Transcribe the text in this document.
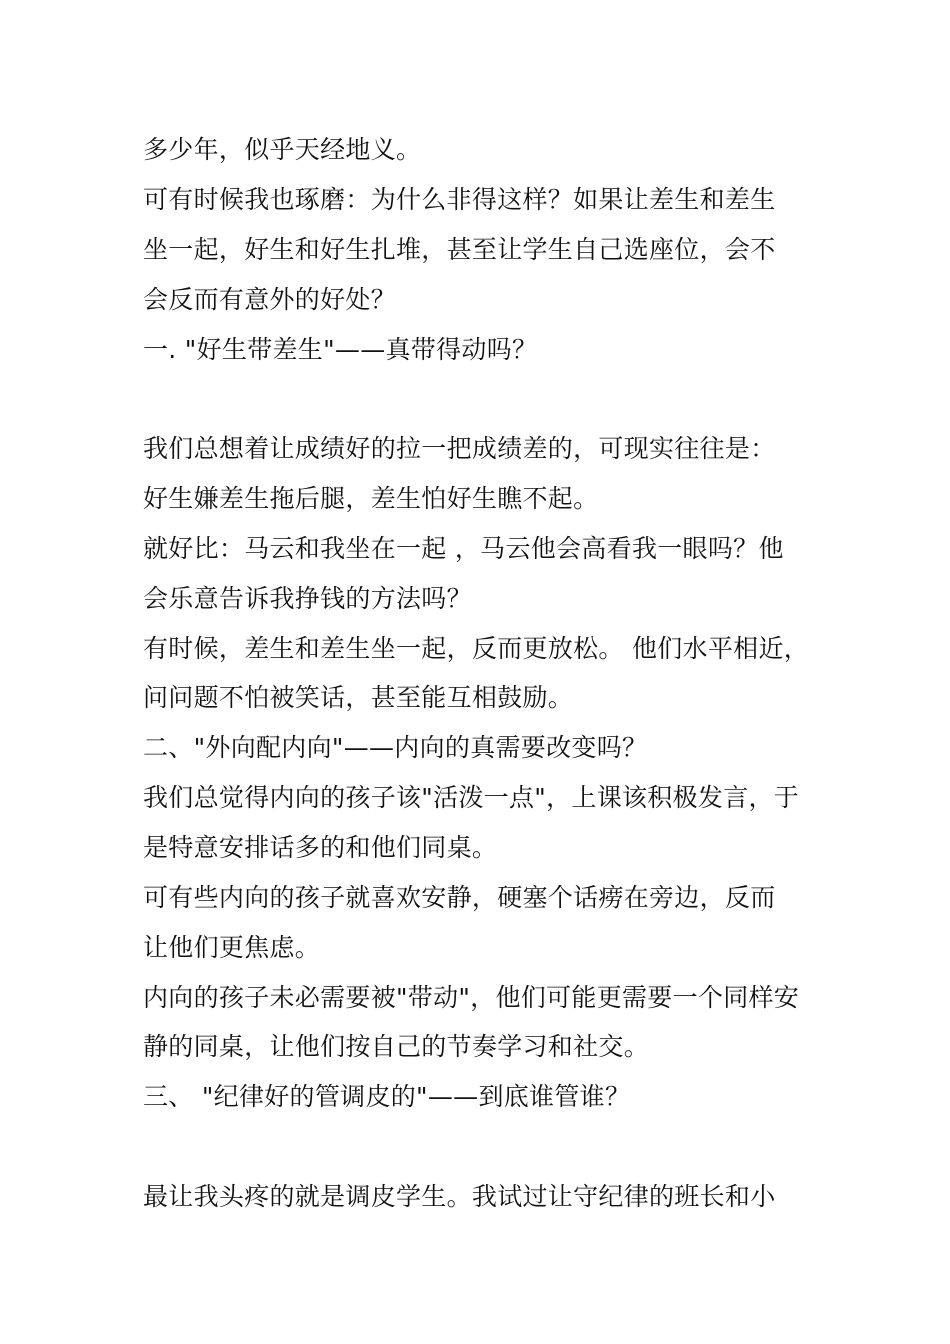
多少年，似乎天经地义。
可有时候我也琢磨：为什么非得这样？如果让差生和差生
坐一起，好生和好生扎堆，甚至让学生自己选座位，会不
会反而有意外的好处？
一. "好生带差生"——真带得动吗？
我们总想着让成绩好的拉一把成绩差的，可现实往往是：
好生嫌差生拖后腿，差生怕好生瞧不起。
就好比：马云和我坐在一起 ，马云他会高看我一眼吗？他
会乐意告诉我挣钱的方法吗？
有时候，差生和差生坐一起，反而更放松。 他们水平相近，
问问题不怕被笑话，甚至能互相鼓励。
二、"外向配内向"——内向的真需要改变吗？
我们总觉得内向的孩子该"活泼一点"，上课该积极发言，于
是特意安排话多的和他们同桌。
可有些内向的孩子就喜欢安静，硬塞个话痨在旁边，反而
让他们更焦虑。
内向的孩子未必需要被"带动"，他们可能更需要一个同样安
静的同桌，让他们按自己的节奏学习和社交。
三、 "纪律好的管调皮的"——到底谁管谁？
最让我头疼的就是调皮学生。我试过让守纪律的班长和小
